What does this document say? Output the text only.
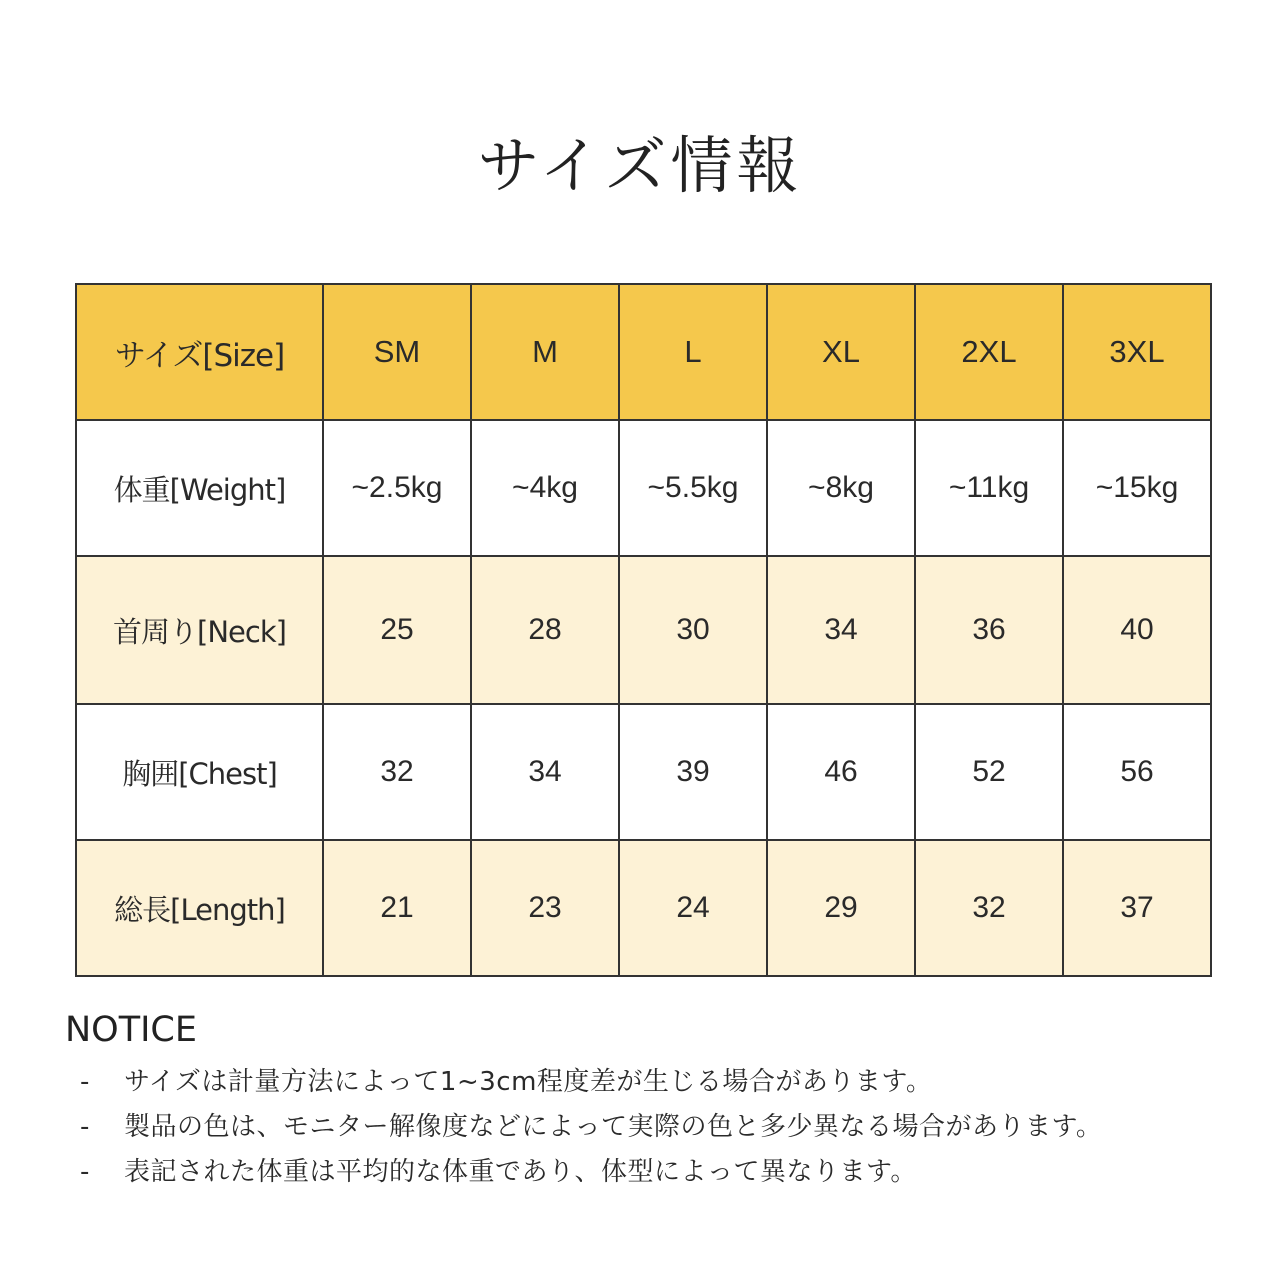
サイズ情報
サイズ[Size]	SM	M	L	XL	2XL	3XL
体重[Weight]	~2.5kg	~4kg	~5.5kg	~8kg	~11kg	~15kg
首周り[Neck]	25	28	30	34	36	40
胸囲[Chest]	32	34	39	46	52	56
総長[Length]	21	23	24	29	32	37
NOTICE
-	サイズは計量方法によって1~3cm程度差が生じる場合があります。
-	製品の色は、モニター解像度などによって実際の色と多少異なる場合があります。
-	表記された体重は平均的な体重であり、体型によって異なります。
